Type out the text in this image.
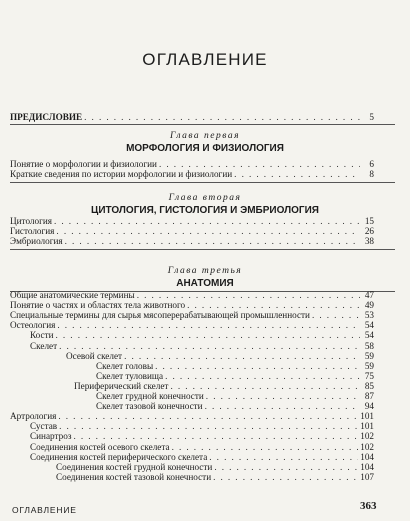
ОГЛАВЛЕНИЕ
ПРЕДИСЛОВИЕ . . .	5
Глава первая
МОРФОЛОГИЯ И ФИЗИОЛОГИЯ
Понятие о морфологии и физиологии . . .	6
Краткие сведения по истории морфологии и физиологии . . .	8
Глава вторая
ЦИТОЛОГИЯ, ГИСТОЛОГИЯ И ЭМБРИОЛОГИЯ
Цитология . . .	15
Гистология . . .	26
Эмбриология . . .	38
Глава третья
АНАТОМИЯ
Общие анатомические термины . . .	47
Понятие о частях и областях тела животного . . .	49
Специальные термины для сырья мясоперерабатывающей промышленности . . .	53
Остеология . . .	54
Кости . . .	54
Скелет . . .	58
Осевой скелет . . .	59
Скелет головы . . .	59
Скелет туловища . . .	75
Периферический скелет . . .	85
Скелет грудной конечности . . .	87
Скелет тазовой конечности . . .	94
Артрология . . .	101
Сустав . . .	101
Синартроз . . .	102
Соединения костей осевого скелета . . .	102
Соединения костей периферического скелета . . .	104
Соединения костей грудной конечности . . .	104
Соединения костей тазовой конечности . . .	107
ОГЛАВЛЕНИЕ	363
